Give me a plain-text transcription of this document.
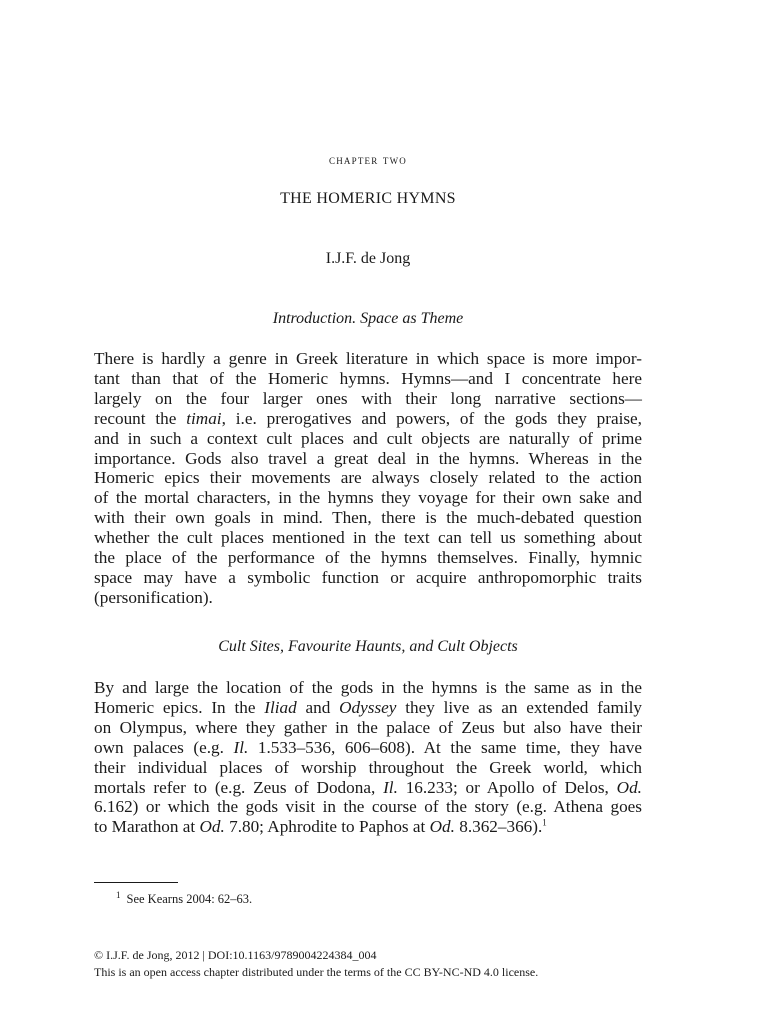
chapter two
THE HOMERIC HYMNS
I.J.F. de Jong
Introduction. Space as Theme
There is hardly a genre in Greek literature in which space is more impor-
tant than that of the Homeric hymns. Hymns—and I concentrate here
largely on the four larger ones with their long narrative sections—
recount the timai, i.e. prerogatives and powers, of the gods they praise,
and in such a context cult places and cult objects are naturally of prime
importance. Gods also travel a great deal in the hymns. Whereas in the
Homeric epics their movements are always closely related to the action
of the mortal characters, in the hymns they voyage for their own sake and
with their own goals in mind. Then, there is the much-debated question
whether the cult places mentioned in the text can tell us something about
the place of the performance of the hymns themselves. Finally, hymnic
space may have a symbolic function or acquire anthropomorphic traits
(personification).
Cult Sites, Favourite Haunts, and Cult Objects
By and large the location of the gods in the hymns is the same as in the
Homeric epics. In the Iliad and Odyssey they live as an extended family
on Olympus, where they gather in the palace of Zeus but also have their
own palaces (e.g. Il. 1.533–536, 606–608). At the same time, they have
their individual places of worship throughout the Greek world, which
mortals refer to (e.g. Zeus of Dodona, Il. 16.233; or Apollo of Delos, Od.
6.162) or which the gods visit in the course of the story (e.g. Athena goes
to Marathon at Od. 7.80; Aphrodite to Paphos at Od. 8.362–366).$^1$
$^1$ See Kearns 2004: 62–63.
© I.J.F. de Jong, 2012 | DOI:10.1163/9789004224384_004
This is an open access chapter distributed under the terms of the CC BY-NC-ND 4.0 license.
